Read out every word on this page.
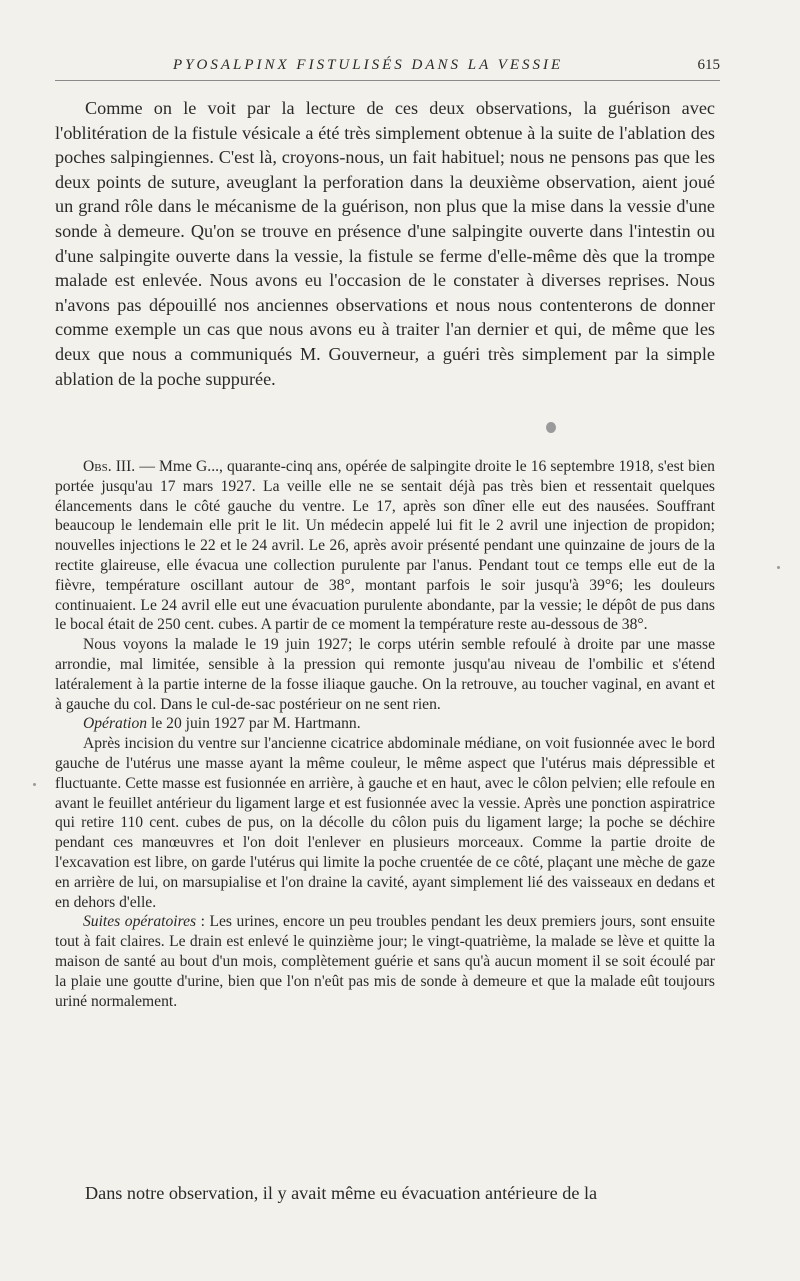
PYOSALPINX FISTULISÉS DANS LA VESSIE	615

Comme on le voit par la lecture de ces deux observations, la guérison avec l'oblitération de la fistule vésicale a été très simplement obtenue à la suite de l'ablation des poches salpingiennes. C'est là, croyons-nous, un fait habituel; nous ne pensons pas que les deux points de suture, aveuglant la perforation dans la deuxième observation, aient joué un grand rôle dans le mécanisme de la guérison, non plus que la mise dans la vessie d'une sonde à demeure. Qu'on se trouve en présence d'une salpingite ouverte dans l'intestin ou d'une salpingite ouverte dans la vessie, la fistule se ferme d'elle-même dès que la trompe malade est enlevée. Nous avons eu l'occasion de le constater à diverses reprises. Nous n'avons pas dépouillé nos anciennes observations et nous nous contenterons de donner comme exemple un cas que nous avons eu à traiter l'an dernier et qui, de même que les deux que nous a communiqués M. Gouverneur, a guéri très simplement par la simple ablation de la poche suppurée.

Obs. III. — Mme G..., quarante-cinq ans, opérée de salpingite droite le 16 septembre 1918, s'est bien portée jusqu'au 17 mars 1927. La veille elle ne se sentait déjà pas très bien et ressentait quelques élancements dans le côté gauche du ventre. Le 17, après son dîner elle eut des nausées. Souffrant beaucoup le lendemain elle prit le lit. Un médecin appelé lui fit le 2 avril une injection de propidon; nouvelles injections le 22 et le 24 avril. Le 26, après avoir présenté pendant une quinzaine de jours de la rectite glaireuse, elle évacua une collection purulente par l'anus. Pendant tout ce temps elle eut de la fièvre, température oscillant autour de 38°, montant parfois le soir jusqu'à 39°6; les douleurs continuaient. Le 24 avril elle eut une évacuation purulente abondante, par la vessie; le dépôt de pus dans le bocal était de 250 cent. cubes. A partir de ce moment la température reste au-dessous de 38°.

Nous voyons la malade le 19 juin 1927; le corps utérin semble refoulé à droite par une masse arrondie, mal limitée, sensible à la pression qui remonte jusqu'au niveau de l'ombilic et s'étend latéralement à la partie interne de la fosse iliaque gauche. On la retrouve, au toucher vaginal, en avant et à gauche du col. Dans le cul-de-sac postérieur on ne sent rien.

Opération le 20 juin 1927 par M. Hartmann.

Après incision du ventre sur l'ancienne cicatrice abdominale médiane, on voit fusionnée avec le bord gauche de l'utérus une masse ayant la même couleur, le même aspect que l'utérus mais dépressible et fluctuante. Cette masse est fusionnée en arrière, à gauche et en haut, avec le côlon pelvien; elle refoule en avant le feuillet antérieur du ligament large et est fusionnée avec la vessie. Après une ponction aspiratrice qui retire 110 cent. cubes de pus, on la décolle du côlon puis du ligament large; la poche se déchire pendant ces manœuvres et l'on doit l'enlever en plusieurs morceaux. Comme la partie droite de l'excavation est libre, on garde l'utérus qui limite la poche cruentée de ce côté, plaçant une mèche de gaze en arrière de lui, on marsupialise et l'on draine la cavité, ayant simplement lié des vaisseaux en dedans et en dehors d'elle.

Suites opératoires : Les urines, encore un peu troubles pendant les deux premiers jours, sont ensuite tout à fait claires. Le drain est enlevé le quinzième jour; le vingt-quatrième, la malade se lève et quitte la maison de santé au bout d'un mois, complètement guérie et sans qu'à aucun moment il se soit écoulé par la plaie une goutte d'urine, bien que l'on n'eût pas mis de sonde à demeure et que la malade eût toujours uriné normalement.

Dans notre observation, il y avait même eu évacuation antérieure de la
